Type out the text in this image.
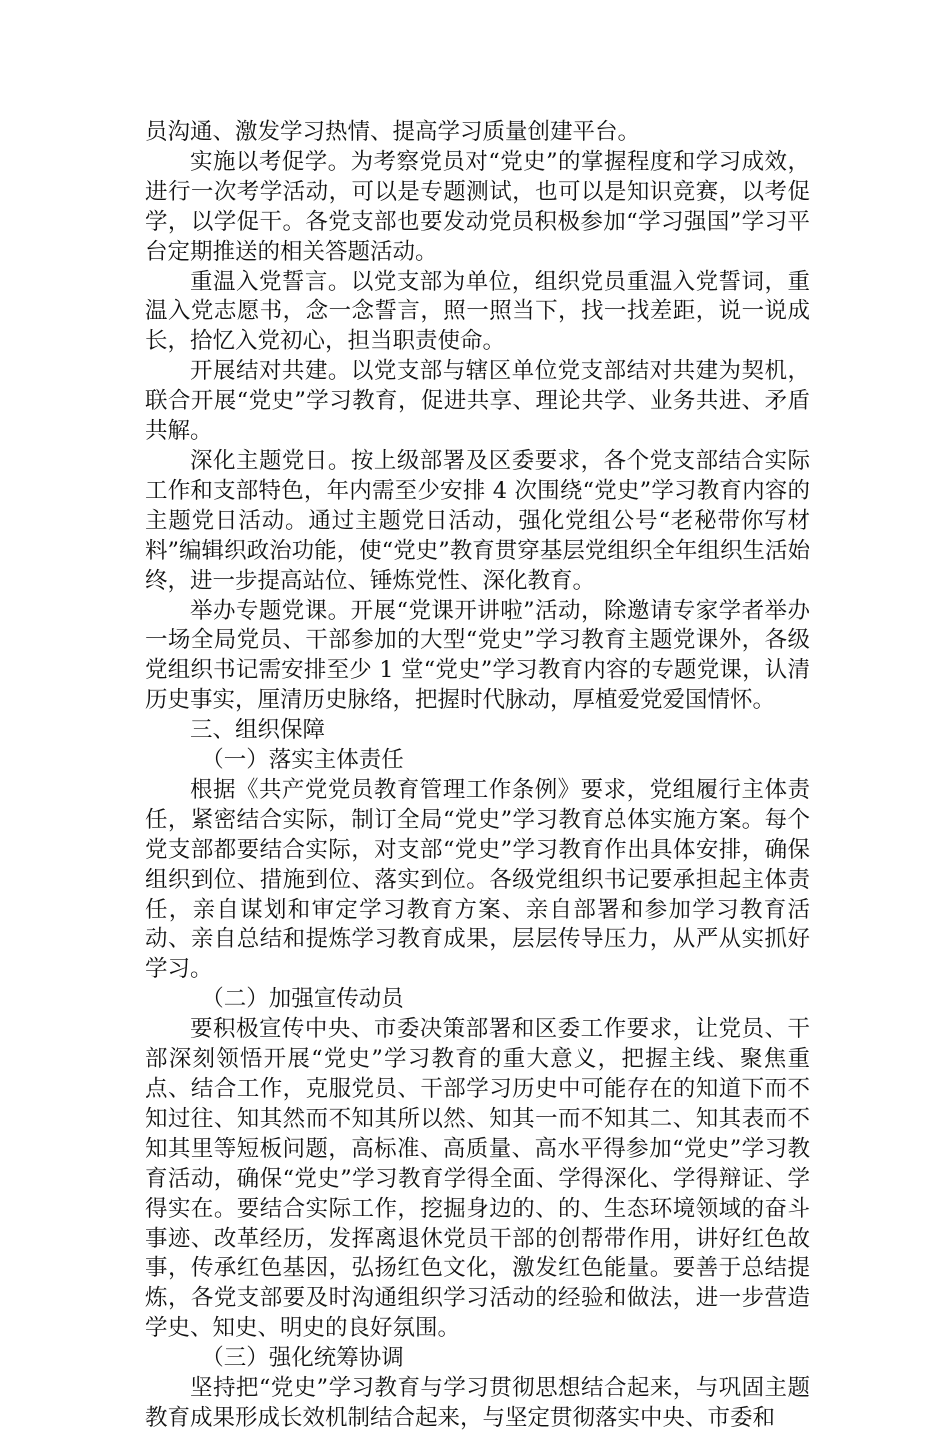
员沟通、激发学习热情、提高学习质量创建平台。

实施以考促学。为考察党员对“党史”的掌握程度和学习成效，进行一次考学活动，可以是专题测试，也可以是知识竞赛，以考促学，以学促干。各党支部也要发动党员积极参加“学习强国”学习平台定期推送的相关答题活动。

重温入党誓言。以党支部为单位，组织党员重温入党誓词，重温入党志愿书，念一念誓言，照一照当下，找一找差距，说一说成长，拾忆入党初心，担当职责使命。

开展结对共建。以党支部与辖区单位党支部结对共建为契机，联合开展“党史”学习教育，促进共享、理论共学、业务共进、矛盾共解。

深化主题党日。按上级部署及区委要求，各个党支部结合实际工作和支部特色，年内需至少安排 4 次围绕“党史”学习教育内容的主题党日活动。通过主题党日活动，强化党组公号“老秘带你写材料”编辑织政治功能，使“党史”教育贯穿基层党组织全年组织生活始终，进一步提高站位、锤炼党性、深化教育。

举办专题党课。开展“党课开讲啦”活动，除邀请专家学者举办一场全局党员、干部参加的大型“党史”学习教育主题党课外，各级党组织书记需安排至少 1 堂“党史”学习教育内容的专题党课，认清历史事实，厘清历史脉络，把握时代脉动，厚植爱党爱国情怀。

三、组织保障

（一）落实主体责任

根据《共产党党员教育管理工作条例》要求，党组履行主体责任，紧密结合实际，制订全局“党史”学习教育总体实施方案。每个党支部都要结合实际，对支部“党史”学习教育作出具体安排，确保组织到位、措施到位、落实到位。各级党组织书记要承担起主体责任，亲自谋划和审定学习教育方案、亲自部署和参加学习教育活动、亲自总结和提炼学习教育成果，层层传导压力，从严从实抓好学习。

（二）加强宣传动员

要积极宣传中央、市委决策部署和区委工作要求，让党员、干部深刻领悟开展“党史”学习教育的重大意义，把握主线、聚焦重点、结合工作，克服党员、干部学习历史中可能存在的知道下而不知过往、知其然而不知其所以然、知其一而不知其二、知其表而不知其里等短板问题，高标准、高质量、高水平得参加“党史”学习教育活动，确保“党史”学习教育学得全面、学得深化、学得辩证、学得实在。要结合实际工作，挖掘身边的、的、生态环境领域的奋斗事迹、改革经历，发挥离退休党员干部的创帮带作用，讲好红色故事，传承红色基因，弘扬红色文化，激发红色能量。要善于总结提炼，各党支部要及时沟通组织学习活动的经验和做法，进一步营造学史、知史、明史的良好氛围。

（三）强化统筹协调

坚持把“党史”学习教育与学习贯彻思想结合起来，与巩固主题教育成果形成长效机制结合起来，与坚定贯彻落实中央、市委和
